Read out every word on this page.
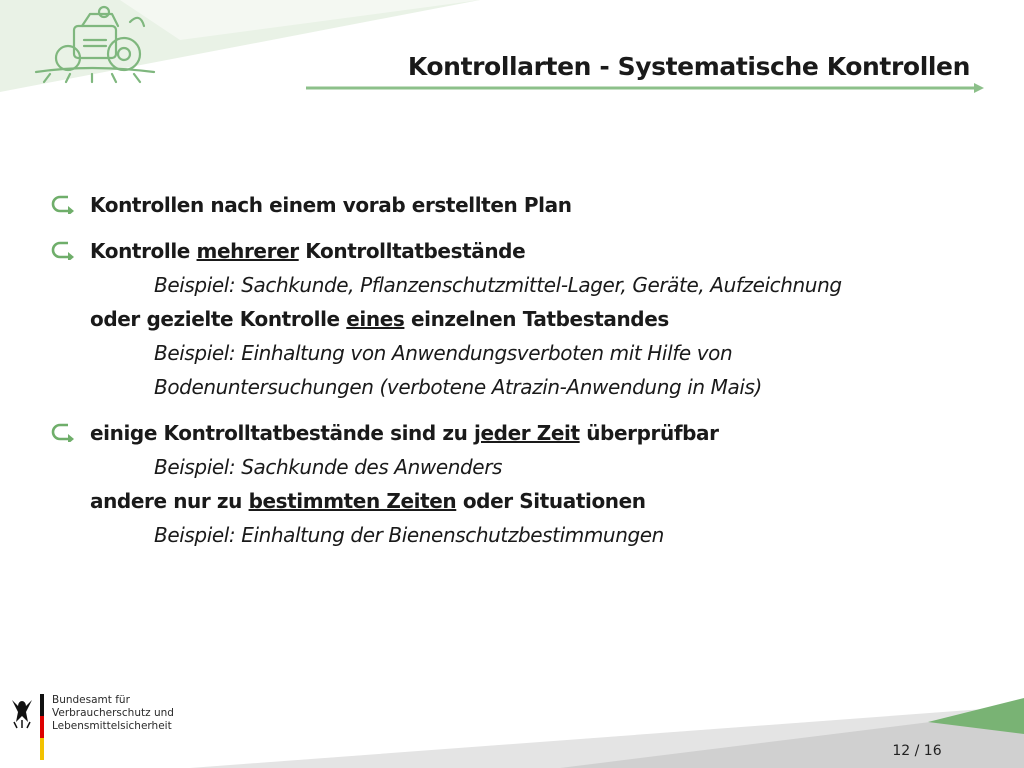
Kontrollarten - Systematische Kontrollen
Kontrollen nach einem vorab erstellten Plan
Kontrolle mehrerer Kontrolltatbestände
Beispiel: Sachkunde, Pflanzenschutzmittel-Lager, Geräte, Aufzeichnung
oder gezielte Kontrolle eines einzelnen Tatbestandes
Beispiel: Einhaltung von Anwendungsverboten mit Hilfe von
Bodenuntersuchungen (verbotene Atrazin-Anwendung in Mais)
einige Kontrolltatbestände sind zu jeder Zeit überprüfbar
Beispiel: Sachkunde des Anwenders
andere nur zu bestimmten Zeiten oder Situationen
Beispiel: Einhaltung der Bienenschutzbestimmungen
Bundesamt für
Verbraucherschutz und
Lebensmittelsicherheit
12 / 16
